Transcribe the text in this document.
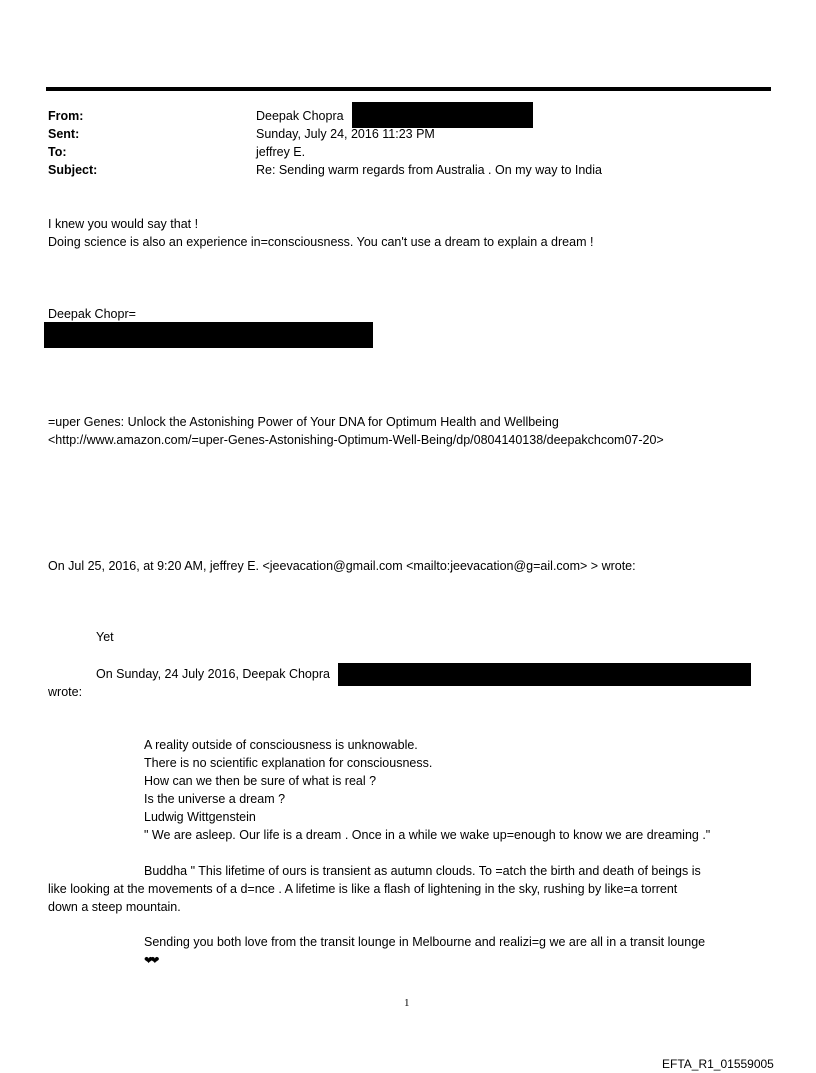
From:	Deepak Chopra
Sent:	Sunday, July 24, 2016 11:23 PM
To:	jeffrey E.
Subject:	Re: Sending warm regards from Australia . On my way to India
I knew you would say that !
Doing science is also an experience in=consciousness. You can't use a dream to explain a dream !
Deepak Chopr=
=uper Genes: Unlock the Astonishing Power of Your DNA for Optimum Health and Wellbeing
<http://www.amazon.com/=uper-Genes-Astonishing-Optimum-Well-Being/dp/0804140138/deepakchcom07-20>
On Jul 25, 2016, at 9:20 AM, jeffrey E. <jeevacation@gmail.com <mailto:jeevacation@g=ail.com> > wrote:
Yet
On Sunday, 24 July 2016, Deepak Chopra
wrote:
A reality outside of consciousness is unknowable.
There is no scientific explanation for consciousness.
How can we then be sure of what is real ?
Is the universe a dream ?
Ludwig Wittgenstein
" We are asleep. Our life is a dream . Once in a while we wake up=enough to know we are dreaming ."
Buddha " This lifetime of ours is transient as autumn clouds. To =atch the birth and death of beings is
like looking at the movements of a d=nce . A lifetime is like a flash of lightening in the sky, rushing by like=a torrent
down a steep mountain.
Sending you both love from the transit lounge in Melbourne and realizi=g we are all in a transit lounge
❤❤
1
EFTA_R1_01559005
